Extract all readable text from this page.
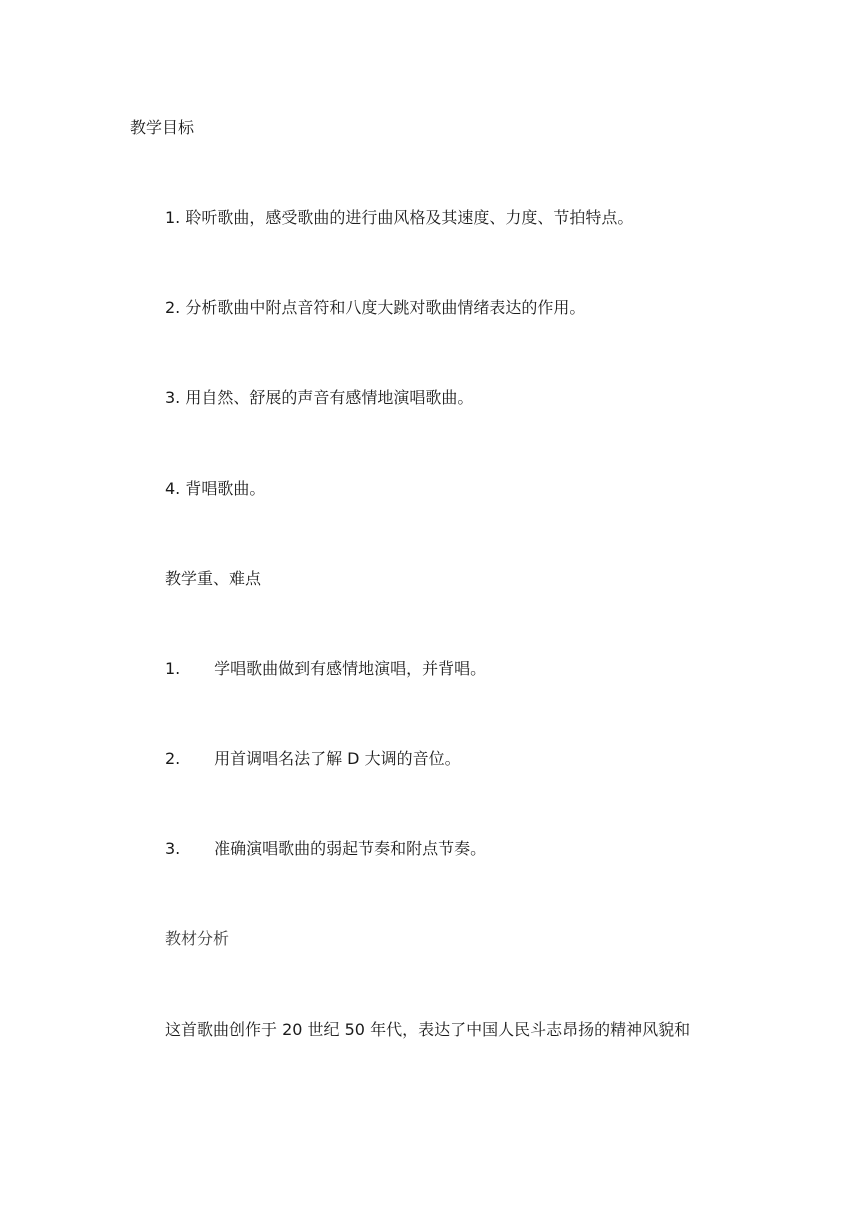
教学目标
1. 聆听歌曲，感受歌曲的进行曲风格及其速度、力度、节拍特点。
2. 分析歌曲中附点音符和八度大跳对歌曲情绪表达的作用。
3. 用自然、舒展的声音有感情地演唱歌曲。
4. 背唱歌曲。
教学重、难点
1. 学唱歌曲做到有感情地演唱，并背唱。
2. 用首调唱名法了解 D 大调的音位。
3. 准确演唱歌曲的弱起节奏和附点节奏。
教材分析
这首歌曲创作于 20 世纪 50 年代，表达了中国人民斗志昂扬的精神风貌和
